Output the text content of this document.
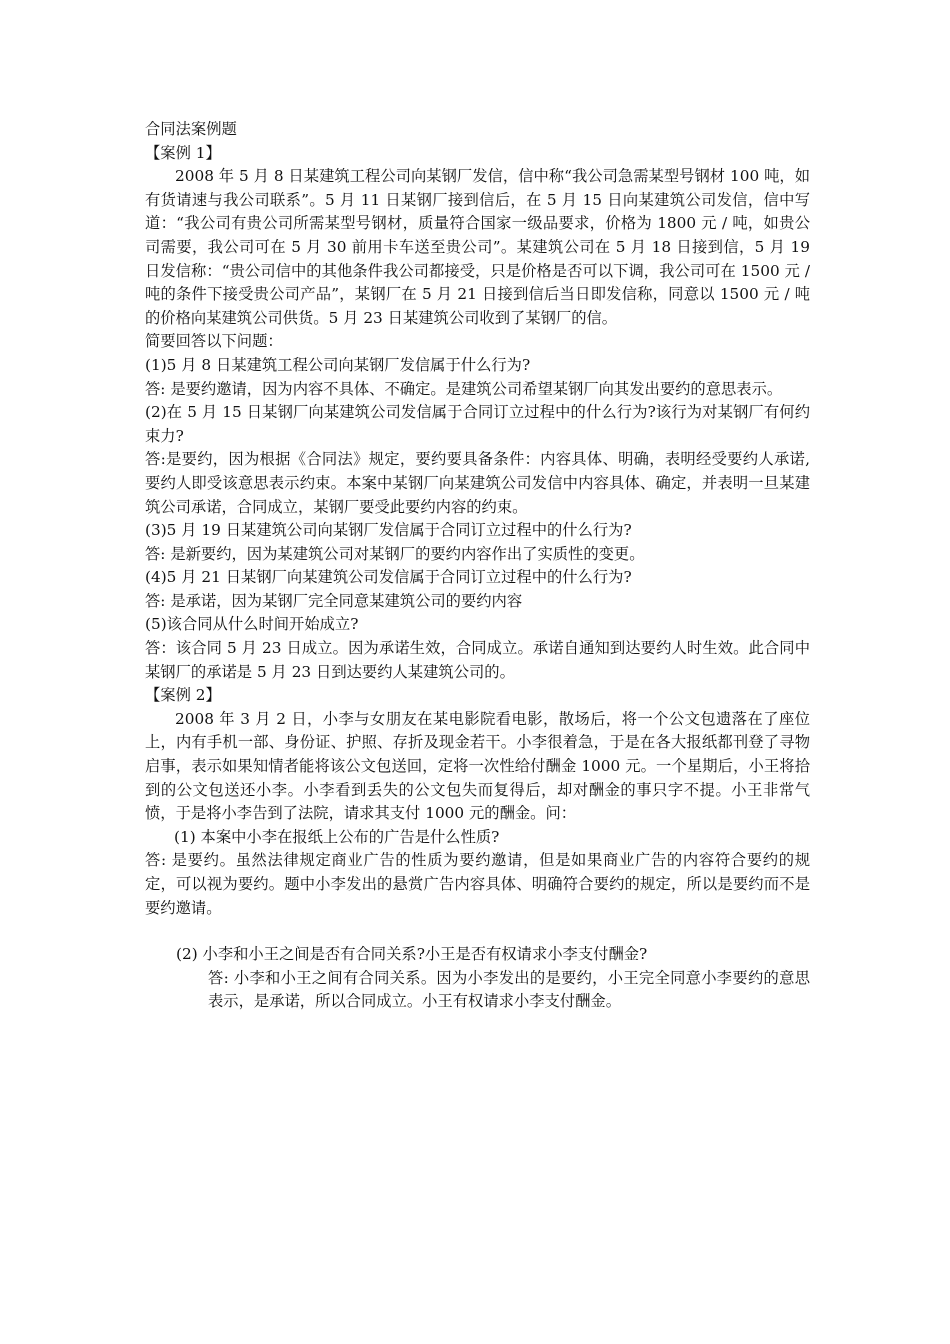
合同法案例题

【案例 1】

2008 年 5 月 8 日某建筑工程公司向某钢厂发信，信中称“我公司急需某型号钢材 100 吨，如有货请速与我公司联系”。5 月 11 日某钢厂接到信后，在 5 月 15 日向某建筑公司发信，信中写道：“我公司有贵公司所需某型号钢材，质量符合国家一级品要求，价格为 1800 元 / 吨，如贵公司需要，我公司可在 5 月 30 前用卡车送至贵公司”。某建筑公司在 5 月 18 日接到信，5 月 19 日发信称：“贵公司信中的其他条件我公司都接受，只是价格是否可以下调，我公司可在 1500 元 / 吨的条件下接受贵公司产品”，某钢厂在 5 月 21 日接到信后当日即发信称，同意以 1500 元 / 吨的价格向某建筑公司供货。5 月 23 日某建筑公司收到了某钢厂的信。

简要回答以下问题：

(1)5 月 8 日某建筑工程公司向某钢厂发信属于什么行为?

答: 是要约邀请，因为内容不具体、不确定。是建筑公司希望某钢厂向其发出要约的意思表示。

(2)在 5 月 15 日某钢厂向某建筑公司发信属于合同订立过程中的什么行为?该行为对某钢厂有何约束力?

答:是要约，因为根据《合同法》规定，要约要具备条件：内容具体、明确，表明经受要约人承诺,要约人即受该意思表示约束。本案中某钢厂向某建筑公司发信中内容具体、确定，并表明一旦某建筑公司承诺，合同成立，某钢厂要受此要约内容的约束。

(3)5 月 19 日某建筑公司向某钢厂发信属于合同订立过程中的什么行为?

答: 是新要约，因为某建筑公司对某钢厂的要约内容作出了实质性的变更。

(4)5 月 21 日某钢厂向某建筑公司发信属于合同订立过程中的什么行为?

答: 是承诺，因为某钢厂完全同意某建筑公司的要约内容

(5)该合同从什么时间开始成立?

答：该合同 5 月 23 日成立。因为承诺生效，合同成立。承诺自通知到达要约人时生效。此合同中某钢厂的承诺是 5 月 23 日到达要约人某建筑公司的。

【案例 2】

2008 年 3 月 2 日，小李与女朋友在某电影院看电影，散场后，将一个公文包遗落在了座位上，内有手机一部、身份证、护照、存折及现金若干。小李很着急，于是在各大报纸都刊登了寻物启事，表示如果知情者能将该公文包送回，定将一次性给付酬金 1000 元。一个星期后，小王将拾到的公文包送还小李。小李看到丢失的公文包失而复得后，却对酬金的事只字不提。小王非常气愤，于是将小李告到了法院，请求其支付 1000 元的酬金。问：

(1) 本案中小李在报纸上公布的广告是什么性质?

答: 是要约。虽然法律规定商业广告的性质为要约邀请，但是如果商业广告的内容符合要约的规定，可以视为要约。题中小李发出的悬赏广告内容具体、明确符合要约的规定，所以是要约而不是要约邀请。

(2) 小李和小王之间是否有合同关系?小王是否有权请求小李支付酬金?

答: 小李和小王之间有合同关系。因为小李发出的是要约，小王完全同意小李要约的意思表示，是承诺，所以合同成立。小王有权请求小李支付酬金。
